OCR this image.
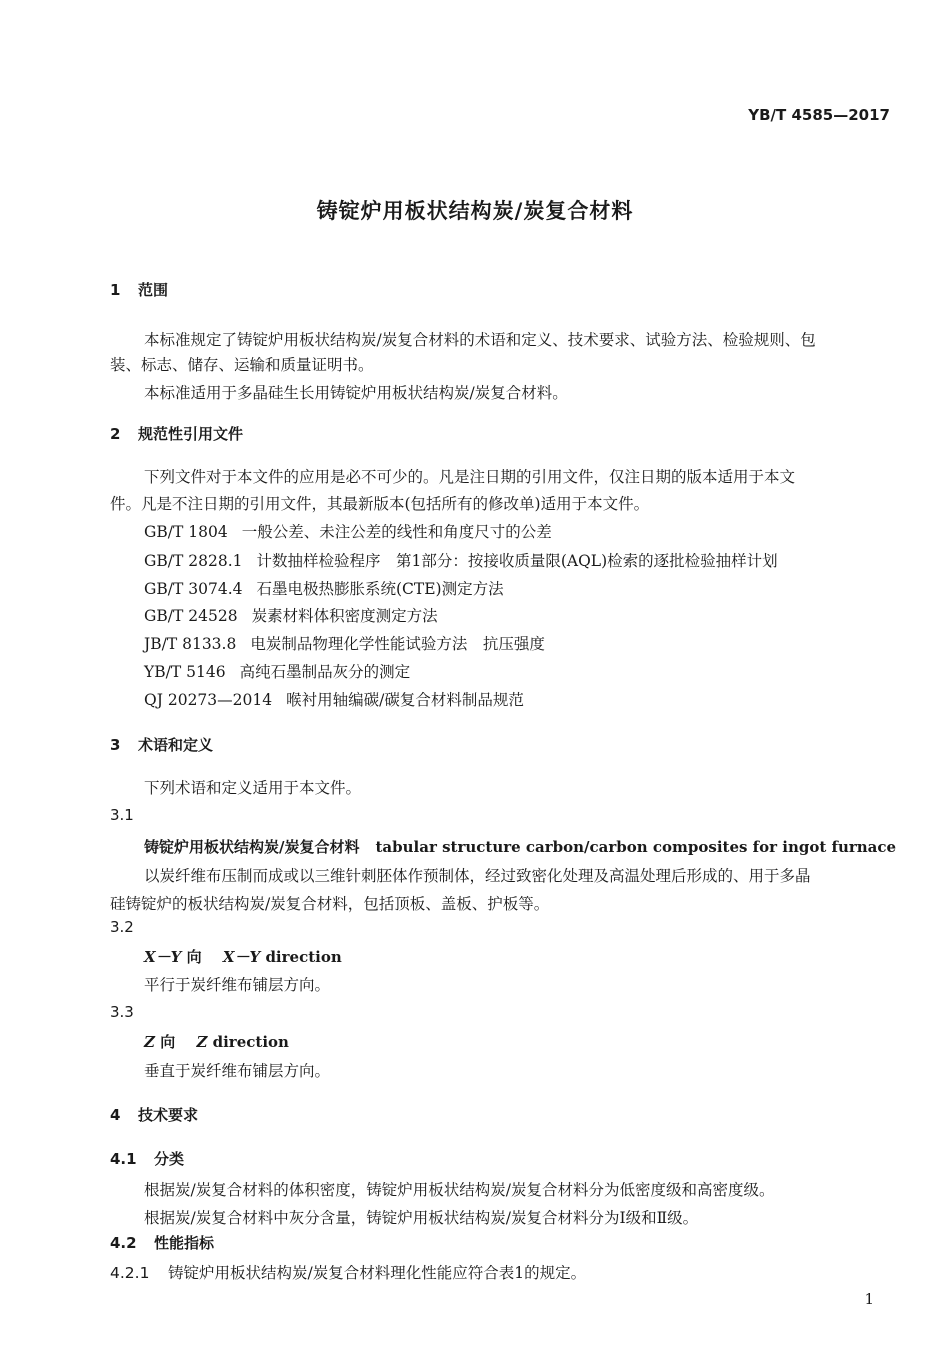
YB/T 4585—2017
铸锭炉用板状结构炭/炭复合材料
1 范围
本标准规定了铸锭炉用板状结构炭/炭复合材料的术语和定义、技术要求、试验方法、检验规则、包
装、标志、储存、运输和质量证明书。
本标准适用于多晶硅生长用铸锭炉用板状结构炭/炭复合材料。
2 规范性引用文件
下列文件对于本文件的应用是必不可少的。凡是注日期的引用文件，仅注日期的版本适用于本文
件。凡是不注日期的引用文件，其最新版本(包括所有的修改单)适用于本文件。
GB/T 1804 一般公差、未注公差的线性和角度尺寸的公差
GB/T 2828.1 计数抽样检验程序　第1部分：按接收质量限(AQL)检索的逐批检验抽样计划
GB/T 3074.4 石墨电极热膨胀系统(CTE)测定方法
GB/T 24528 炭素材料体积密度测定方法
JB/T 8133.8 电炭制品物理化学性能试验方法　抗压强度
YB/T 5146 高纯石墨制品灰分的测定
QJ 20273—2014 喉衬用轴编碳/碳复合材料制品规范
3 术语和定义
下列术语和定义适用于本文件。
3.1
铸锭炉用板状结构炭/炭复合材料 tabular structure carbon/carbon composites for ingot furnace
以炭纤维布压制而成或以三维针刺胚体作预制体，经过致密化处理及高温处理后形成的、用于多晶
硅铸锭炉的板状结构炭/炭复合材料，包括顶板、盖板、护板等。
3.2
X－Y 向 X－Y direction
平行于炭纤维布铺层方向。
3.3
Z 向 Z direction
垂直于炭纤维布铺层方向。
4 技术要求
4.1 分类
根据炭/炭复合材料的体积密度，铸锭炉用板状结构炭/炭复合材料分为低密度级和高密度级。
根据炭/炭复合材料中灰分含量，铸锭炉用板状结构炭/炭复合材料分为Ⅰ级和Ⅱ级。
4.2 性能指标
4.2.1 铸锭炉用板状结构炭/炭复合材料理化性能应符合表1的规定。
1
